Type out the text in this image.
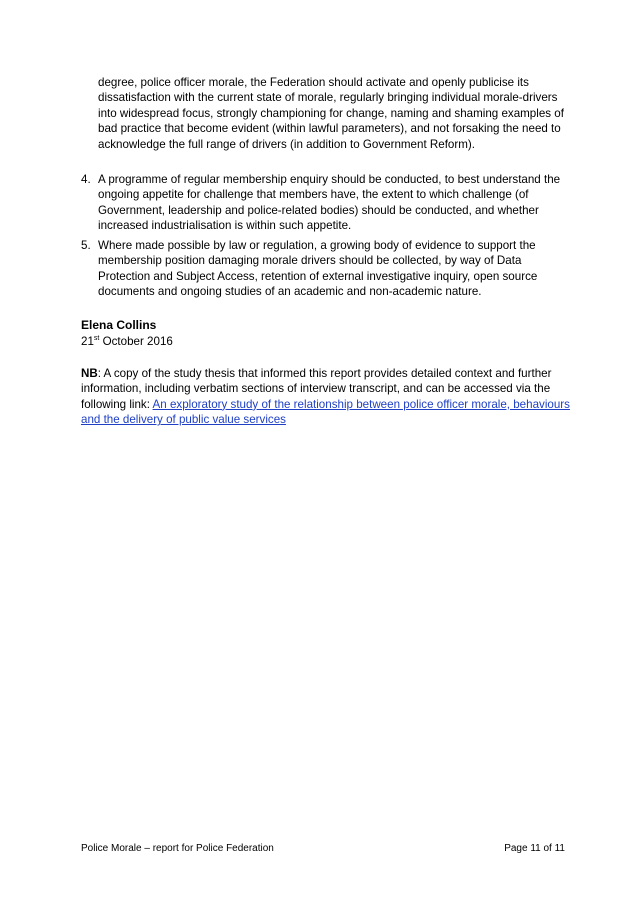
degree, police officer morale, the Federation should activate and openly publicise its dissatisfaction with the current state of morale, regularly bringing individual morale-drivers into widespread focus, strongly championing for change, naming and shaming examples of bad practice that become evident (within lawful parameters), and not forsaking the need to acknowledge the full range of drivers (in addition to Government Reform).

4. A programme of regular membership enquiry should be conducted, to best understand the ongoing appetite for challenge that members have, the extent to which challenge (of Government, leadership and police-related bodies) should be conducted, and whether increased industrialisation is within such appetite.
5. Where made possible by law or regulation, a growing body of evidence to support the membership position damaging morale drivers should be collected, by way of Data Protection and Subject Access, retention of external investigative inquiry, open source documents and ongoing studies of an academic and non-academic nature.
Elena Collins
21st October 2016

NB: A copy of the study thesis that informed this report provides detailed context and further information, including verbatim sections of interview transcript, and can be accessed via the following link: An exploratory study of the relationship between police officer morale, behaviours and the delivery of public value services

Police Morale – report for Police Federation	Page 11 of 11
